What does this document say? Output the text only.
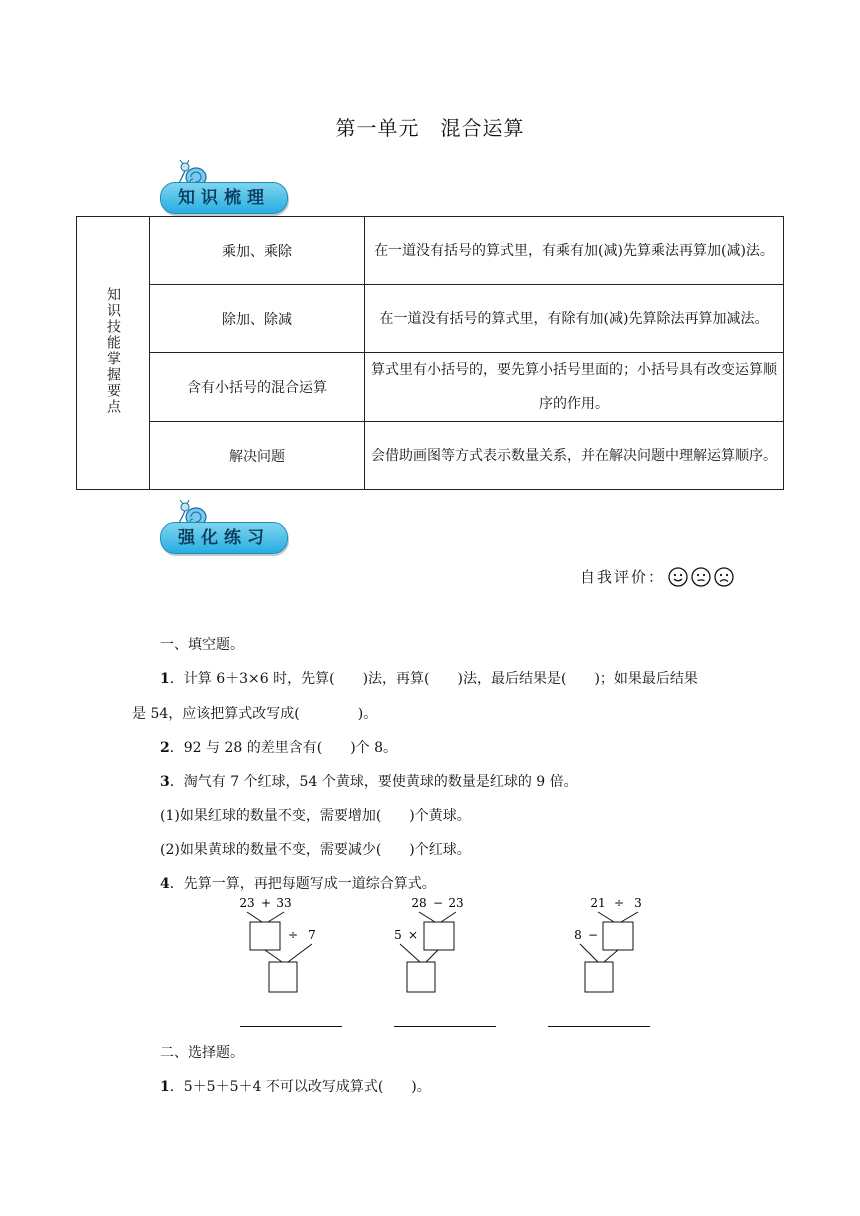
第一单元　混合运算
知识梳理
知识技能掌握要点	乘加、乘除	在一道没有括号的算式里，有乘有加(减)先算乘法再算加(减)法。
	除加、除减	在一道没有括号的算式里，有除有加(减)先算除法再算加减法。
	含有小括号的混合运算	算式里有小括号的，要先算小括号里面的；小括号具有改变运算顺序的作用。
	解决问题	会借助画图等方式表示数量关系，并在解决问题中理解运算顺序。
强化练习
自我评价：
一、填空题。
1．计算 6＋3×6 时，先算( )法，再算( )法，最后结果是( )；如果最后结果
是 54，应该把算式改写成(	)。
2．92 与 28 的差里含有( )个 8。
3．淘气有 7 个红球，54 个黄球，要使黄球的数量是红球的 9 倍。
(1)如果红球的数量不变，需要增加( )个黄球。
(2)如果黄球的数量不变，需要减少( )个红球。
4．先算一算，再把每题写成一道综合算式。
23 + 33
÷ 7
28 − 23
5 ×
21 ÷ 3
8 −
二、选择题。
1．5＋5＋5＋4 不可以改写成算式( )。
